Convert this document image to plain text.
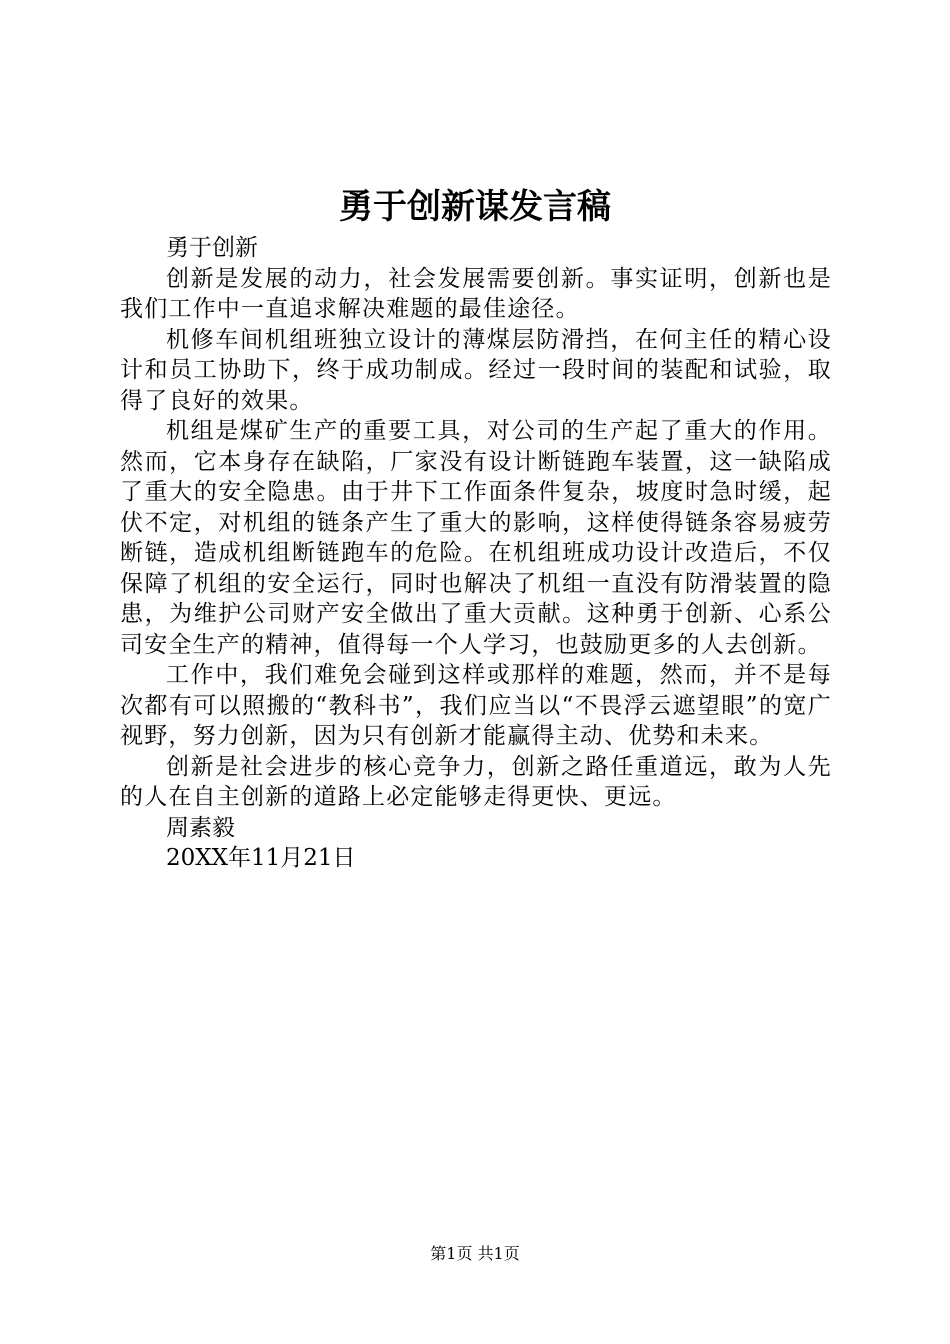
勇于创新谋发言稿

勇于创新

创新是发展的动力，社会发展需要创新。事实证明，创新也是我们工作中一直追求解决难题的最佳途径。

机修车间机组班独立设计的薄煤层防滑挡，在何主任的精心设计和员工协助下，终于成功制成。经过一段时间的装配和试验，取得了良好的效果。

机组是煤矿生产的重要工具，对公司的生产起了重大的作用。然而，它本身存在缺陷，厂家没有设计断链跑车装置，这一缺陷成了重大的安全隐患。由于井下工作面条件复杂，坡度时急时缓，起伏不定，对机组的链条产生了重大的影响，这样使得链条容易疲劳断链，造成机组断链跑车的危险。在机组班成功设计改造后，不仅保障了机组的安全运行，同时也解决了机组一直没有防滑装置的隐患，为维护公司财产安全做出了重大贡献。这种勇于创新、心系公司安全生产的精神，值得每一个人学习，也鼓励更多的人去创新。

工作中，我们难免会碰到这样或那样的难题，然而，并不是每次都有可以照搬的“教科书”，我们应当以“不畏浮云遮望眼”的宽广视野，努力创新，因为只有创新才能赢得主动、优势和未来。

创新是社会进步的核心竞争力，创新之路任重道远，敢为人先的人在自主创新的道路上必定能够走得更快、更远。

周素毅

20XX年11月21日

第1页 共1页
